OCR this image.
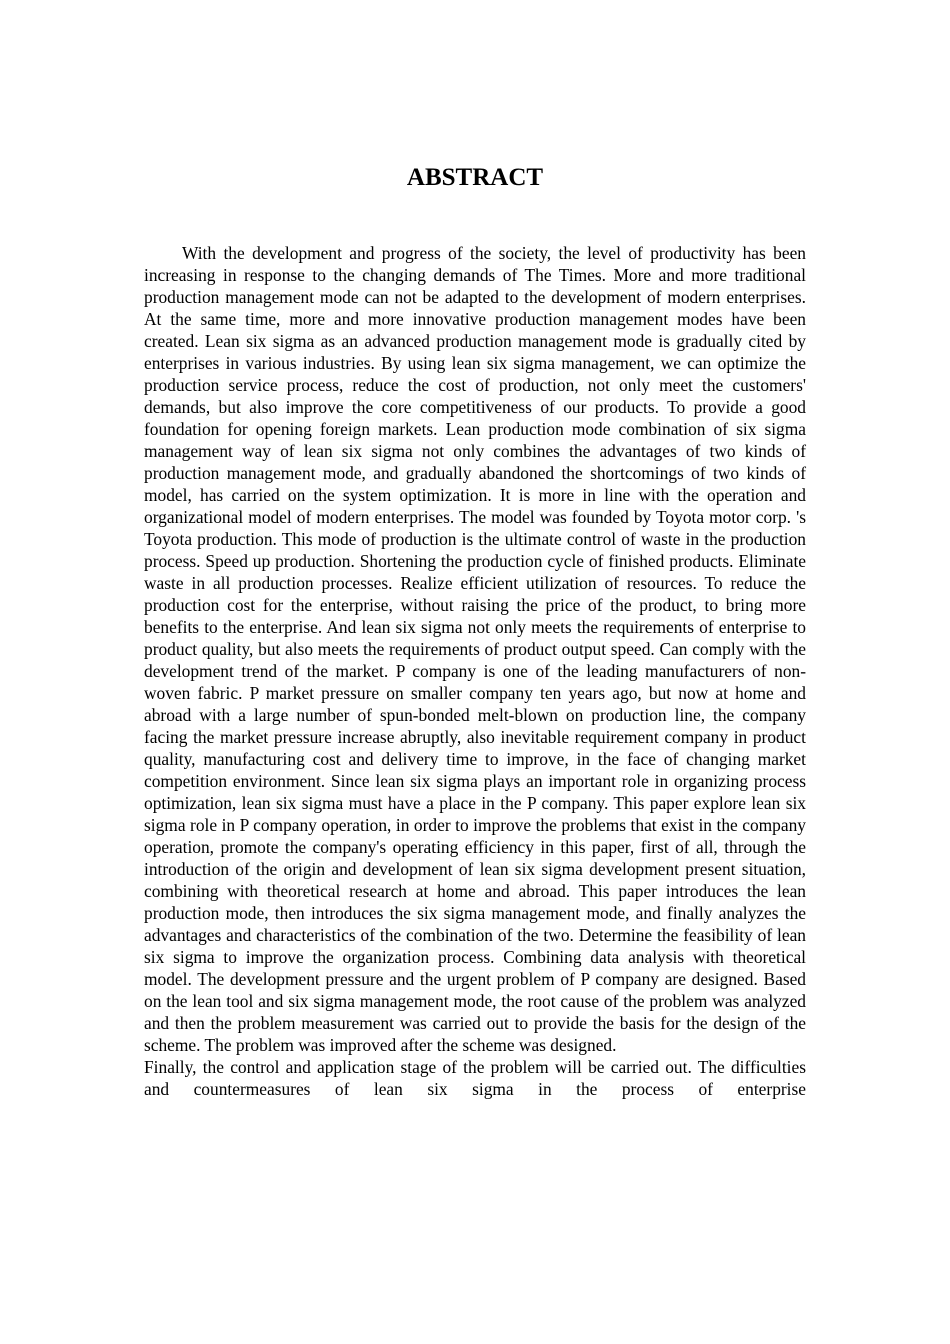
ABSTRACT

With the development and progress of the society, the level of productivity has been increasing in response to the changing demands of The Times. More and more traditional production management mode can not be adapted to the development of modern enterprises. At the same time, more and more innovative production management modes have been created. Lean six sigma as an advanced production management mode is gradually cited by enterprises in various industries. By using lean six sigma management, we can optimize the production service process, reduce the cost of production, not only meet the customers' demands, but also improve the core competitiveness of our products. To provide a good foundation for opening foreign markets. Lean production mode combination of six sigma management way of lean six sigma not only combines the advantages of two kinds of production management mode, and gradually abandoned the shortcomings of two kinds of model, has carried on the system optimization. It is more in line with the operation and organizational model of modern enterprises. The model was founded by Toyota motor corp. 's Toyota production. This mode of production is the ultimate control of waste in the production process. Speed up production. Shortening the production cycle of finished products. Eliminate waste in all production processes. Realize efficient utilization of resources. To reduce the production cost for the enterprise, without raising the price of the product, to bring more benefits to the enterprise. And lean six sigma not only meets the requirements of enterprise to product quality, but also meets the requirements of product output speed. Can comply with the development trend of the market. P company is one of the leading manufacturers of non-woven fabric. P market pressure on smaller company ten years ago, but now at home and abroad with a large number of spun-bonded melt-blown on production line, the company facing the market pressure increase abruptly, also inevitable requirement company in product quality, manufacturing cost and delivery time to improve, in the face of changing market competition environment. Since lean six sigma plays an important role in organizing process optimization, lean six sigma must have a place in the P company. This paper explore lean six sigma role in P company operation, in order to improve the problems that exist in the company operation, promote the company's operating efficiency in this paper, first of all, through the introduction of the origin and development of lean six sigma development present situation, combining with theoretical research at home and abroad. This paper introduces the lean production mode, then introduces the six sigma management mode, and finally analyzes the advantages and characteristics of the combination of the two. Determine the feasibility of lean six sigma to improve the organization process. Combining data analysis with theoretical model. The development pressure and the urgent problem of P company are designed. Based on the lean tool and six sigma management mode, the root cause of the problem was analyzed and then the problem measurement was carried out to provide the basis for the design of the scheme. The problem was improved after the scheme was designed.

Finally, the control and application stage of the problem will be carried out. The difficulties and countermeasures of lean six sigma in the process of enterprise
